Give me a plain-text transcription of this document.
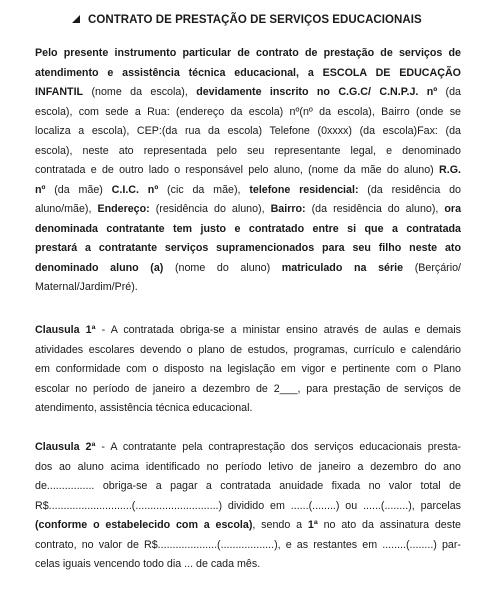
CONTRATO DE PRESTAÇÃO DE SERVIÇOS EDUCACIONAIS
Pelo presente instrumento particular de contrato de prestação de serviços de
atendimento e assistência técnica educacional, a ESCOLA DE EDUCAÇÃO
INFANTIL (nome da escola), devidamente inscrito no C.G.C/ C.N.P.J. nº (da
escola), com sede a Rua: (endereço da escola) nº(nº da escola), Bairro (onde se
localiza a escola), CEP:(da rua da escola) Telefone (0xxxx) (da escola)Fax: (da
escola), neste ato representada pelo seu representante legal, e denominado
contratada e de outro lado o responsável pelo aluno, (nome da mãe do aluno) R.G.
nº (da mãe) C.I.C. nº (cic da mãe), telefone residencial: (da residência do
aluno/mãe), Endereço: (residência do aluno), Bairro: (da residência do aluno), ora
denominada contratante tem justo e contratado entre si que a contratada
prestará a contratante serviços supramencionados para seu filho neste ato
denominado aluno (a) (nome do aluno) matriculado na série (Berçário/
Maternal/Jardim/Pré).
Clausula 1ª - A contratada obriga-se a ministar ensino através de aulas e demais
atividades escolares devendo o plano de estudos, programas, currículo e calendário
em conformidade com o disposto na legislação em vigor e pertinente com o Plano
escolar no período de janeiro a dezembro de 2___, para prestação de serviços de
atendimento, assistência técnica educacional.
Clausula 2ª - A contratante pela contraprestação dos serviços educacionais presta-
dos ao aluno acima identificado no período letivo de janeiro a dezembro do ano
de................ obriga-se a pagar a contratada anuidade fixada no valor total de
R$............................(............................) dividido em ......(........) ou ......(........), parcelas
(conforme o estabelecido com a escola), sendo a 1ª no ato da assinatura deste
contrato, no valor de R$....................(..................), e as restantes em ........(........) par-
celas iguais vencendo todo dia ... de cada mês.
